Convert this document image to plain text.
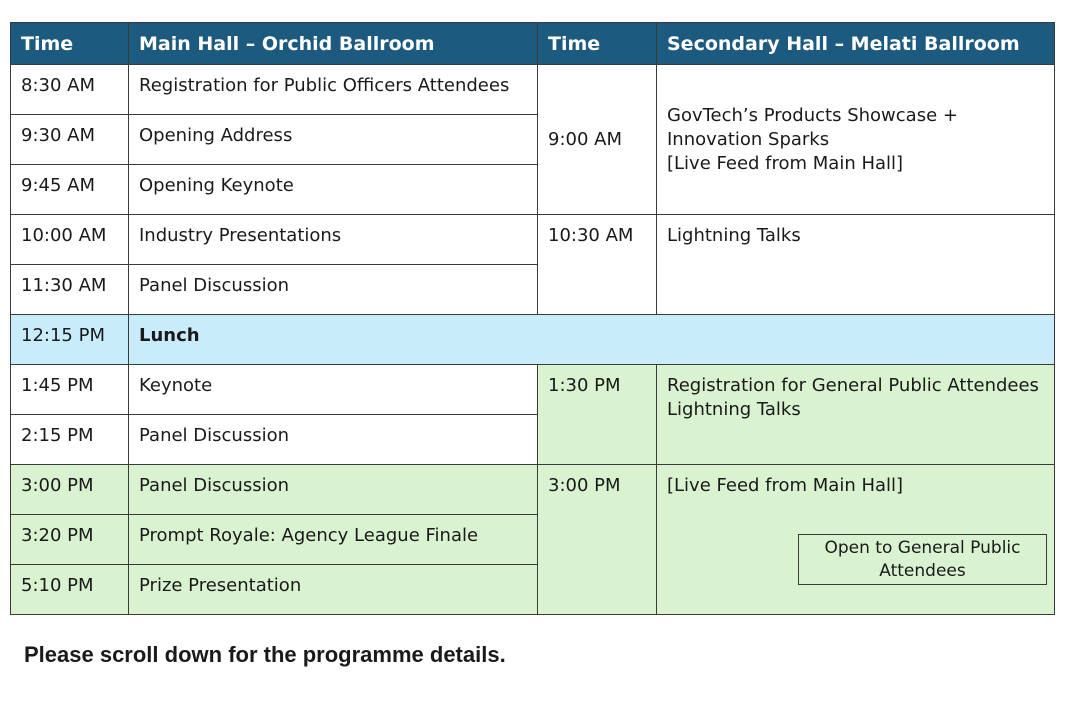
Time	Main Hall – Orchid Ballroom	Time	Secondary Hall – Melati Ballroom
8:30 AM	Registration for Public Officers Attendees	9:00 AM	GovTech’s Products Showcase +
Innovation Sparks
[Live Feed from Main Hall]

9:30 AM	Opening Address		
9:45 AM	Opening Keynote		
10:00 AM	Industry Presentations	10:30 AM	Lightning Talks

11:30 AM	Panel Discussion		
12:15 PM	Lunch		
1:45 PM	Keynote	1:30 PM	Registration for General Public Attendees
Lightning Talks

2:15 PM	Panel Discussion		
3:00 PM	Panel Discussion	3:00 PM	[Live Feed from Main Hall]

3:20 PM	Prompt Royale: Agency League Finale		
5:10 PM	Prize Presentation		
Open to General Public Attendees
Please scroll down for the programme details.
